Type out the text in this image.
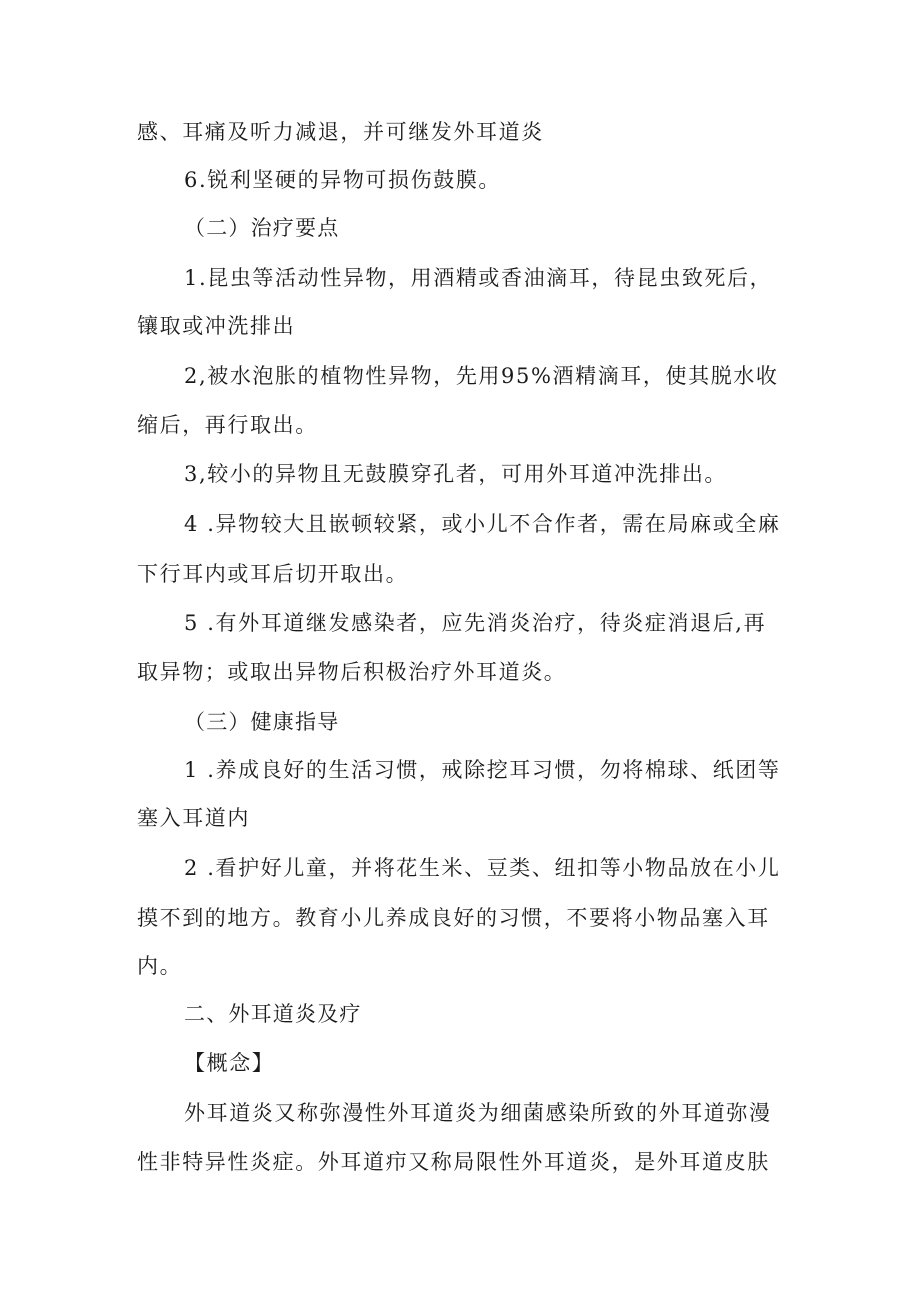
感、耳痛及听力减退，并可继发外耳道炎
6.锐利坚硬的异物可损伤鼓膜。
（二）治疗要点
1.昆虫等活动性异物，用酒精或香油滴耳，待昆虫致死后，
镶取或冲洗排出
2,被水泡胀的植物性异物，先用95%酒精滴耳，使其脱水收
缩后，再行取出。
3,较小的异物且无鼓膜穿孔者，可用外耳道冲洗排出。
4 .异物较大且嵌顿较紧，或小儿不合作者，需在局麻或全麻
下行耳内或耳后切开取出。
5 .有外耳道继发感染者，应先消炎治疗，待炎症消退后,再
取异物；或取出异物后积极治疗外耳道炎。
（三）健康指导
1 .养成良好的生活习惯，戒除挖耳习惯，勿将棉球、纸团等
塞入耳道内
2 .看护好儿童，并将花生米、豆类、纽扣等小物品放在小儿
摸不到的地方。教育小儿养成良好的习惯，不要将小物品塞入耳
内。
二、外耳道炎及疗
【概念】
外耳道炎又称弥漫性外耳道炎为细菌感染所致的外耳道弥漫
性非特异性炎症。外耳道疖又称局限性外耳道炎，是外耳道皮肤
